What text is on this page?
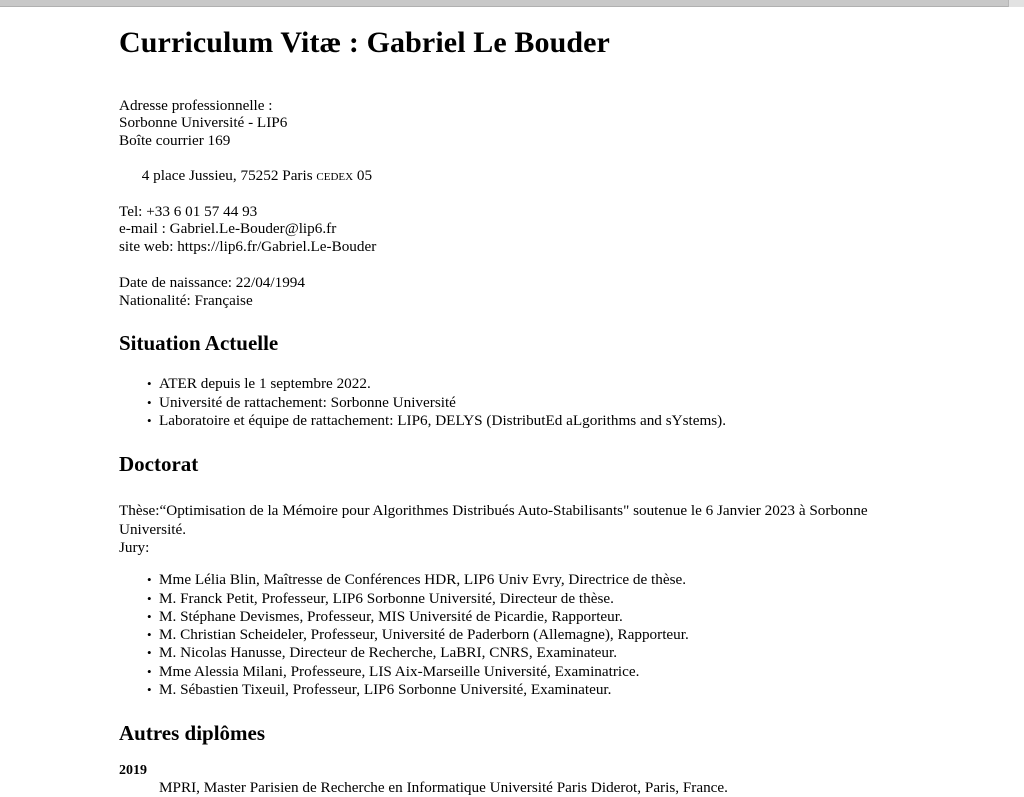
Curriculum Vitæ : Gabriel Le Bouder
Adresse professionnelle :
Sorbonne Université - LIP6
Boîte courrier 169

4 place Jussieu, 75252 Paris cedex 05

Tel: +33 6 01 57 44 93
e-mail : Gabriel.Le-Bouder@lip6.fr
site web: https://lip6.fr/Gabriel.Le-Bouder
Date de naissance: 22/04/1994
Nationalité: Française
Situation Actuelle
• ATER depuis le 1 septembre 2022.
• Université de rattachement: Sorbonne Université
• Laboratoire et équipe de rattachement: LIP6, DELYS (DistributEd aLgorithms and sYstems).
Doctorat

Thèse:“Optimisation de la Mémoire pour Algorithmes Distribués Auto-Stabilisants" soutenue le 6 Janvier 2023 à Sorbonne Université.

Jury:

• Mme Lélia Blin, Maîtresse de Conférences HDR, LIP6 Univ Evry, Directrice de thèse.
• M. Franck Petit, Professeur, LIP6 Sorbonne Université, Directeur de thèse.
• M. Stéphane Devismes, Professeur, MIS Université de Picardie, Rapporteur.
• M. Christian Scheideler, Professeur, Université de Paderborn (Allemagne), Rapporteur.
• M. Nicolas Hanusse, Directeur de Recherche, LaBRI, CNRS, Examinateur.
• Mme Alessia Milani, Professeure, LIS Aix-Marseille Université, Examinatrice.
• M. Sébastien Tixeuil, Professeur, LIP6 Sorbonne Université, Examinateur.
Autres diplômes

2019

MPRI, Master Parisien de Recherche en Informatique Université Paris Diderot, Paris, France.
